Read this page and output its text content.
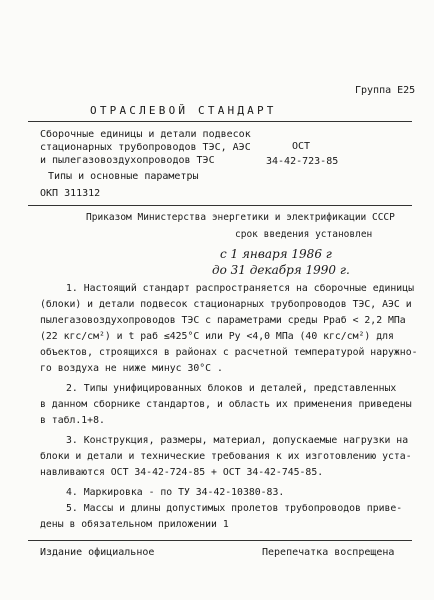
Группа Е25
ОТРАСЛЕВОЙ СТАНДАРТ
Сборочные единицы и детали подвесок
стационарных трубопроводов ТЭС, АЭС
и пылегазовоздухопроводов ТЭС
Типы и основные параметры
ОКП 311312
ОСТ
34-42-723-85
Приказом Министерства энергетики и электрификации СССР
срок введения установлен
с 1 января 1986 г
до 31 декабря 1990 г.
1. Настоящий стандарт распространяется на сборочные единицы
(блоки) и детали подвесок стационарных трубопроводов ТЭС, АЭС и
пылегазовоздухопроводов ТЭС с параметрами среды Рраб < 2,2 МПа
(22 кгс/см²) и t раб ≤425°С или Ру <4,0 МПа (40 кгс/см²) для
объектов, строящихся в районах с расчетной температурой наружно-
го воздуха не ниже минус 30°С .
2. Типы унифицированных блоков и деталей, представленных
в данном сборнике стандартов, и область их применения приведены
в табл.1+8.
3. Конструкция, размеры, материал, допускаемые нагрузки на
блоки и детали и технические требования к их изготовлению уста-
навливаются ОСТ 34-42-724-85 + ОСТ 34-42-745-85.
4. Маркировка - по ТУ 34-42-10380-83.
5. Массы и длины допустимых пролетов трубопроводов приве-
дены в обязательном приложении 1
Издание официальное	Перепечатка воспрещена
